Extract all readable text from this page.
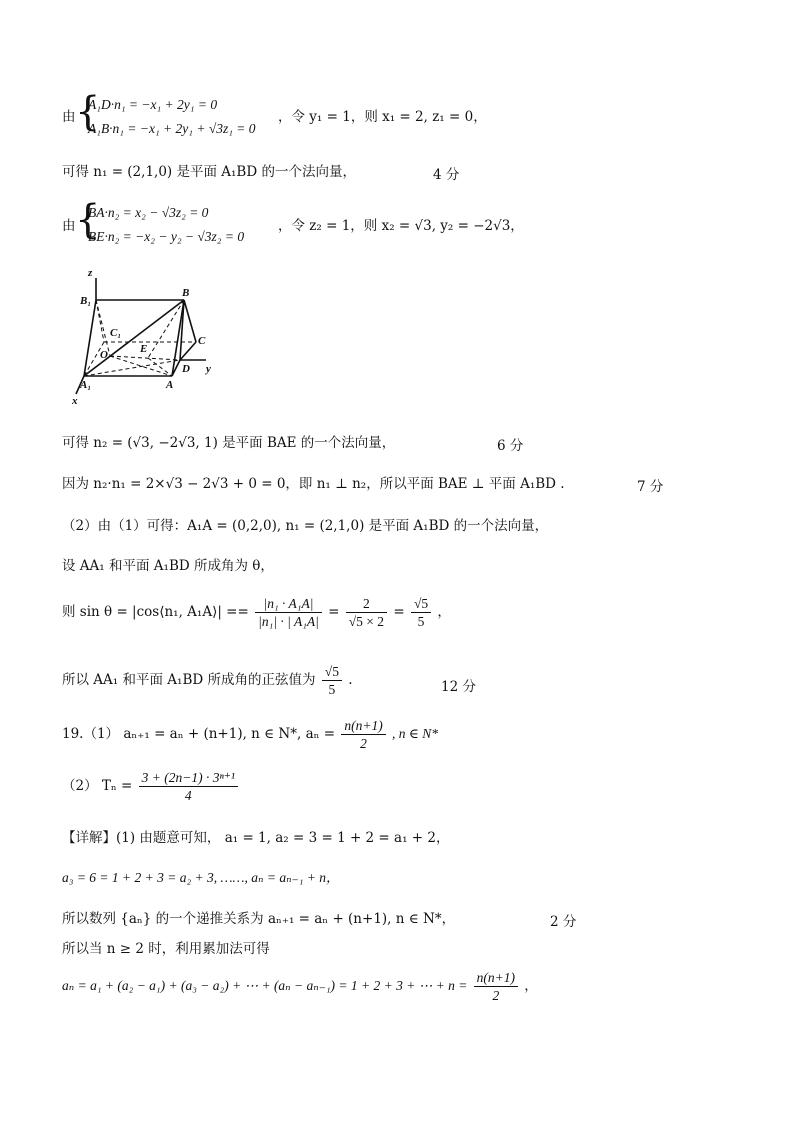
由 {
A₁D·n₁ = −x₁ + 2y₁ = 0
A₁B·n₁ = −x₁ + 2y₁ + √3z₁ = 0
，令 y₁ = 1，则 x₁ = 2, z₁ = 0，
可得 n₁ = (2,1,0) 是平面 A₁BD 的一个法向量，	4 分
由 {
BA·n₂ = x₂ − √3z₂ = 0
BE·n₂ = −x₂ − y₂ − √3z₂ = 0
，令 z₂ = 1，则 x₂ = √3, y₂ = −2√3，
z
B₁
B
C₁
C
O	E
D y
A₁	A
x
可得 n₂ = (√3, −2√3, 1) 是平面 BAE 的一个法向量，	6 分
因为 n₂·n₁ = 2×√3 − 2√3 + 0 = 0，即 n₁ ⊥ n₂，所以平面 BAE ⊥ 平面 A₁BD .	7 分
（2）由（1）可得：A₁A = (0,2,0), n₁ = (2,1,0) 是平面 A₁BD 的一个法向量，
设 AA₁ 和平面 A₁BD 所成角为 θ，
则 sin θ = |cos⟨n₁, A₁A⟩| == $\frac{\text{|n₁ · A₁A|}}{\text{|n₁| · | A₁A|}} = \frac{2}{√5 \times 2} = \frac{√5}{5}$ ，
所以 AA₁ 和平面 A₁BD 所成角的正弦值为 $\frac{√5}{5}$ .	12 分
19.（1） aₙ₊₁ = aₙ + (n+1), n ∈ N*, $a_n = \frac{n(n+1)}{2}$ , n ∈ N*
（2） $T_n = \frac{\text{3 + (2n−1) · 3ⁿ⁺¹}}{4}$
【详解】(1) 由题意可知， a₁ = 1, a₂ = 3 = 1 + 2 = a₁ + 2，
a₃ = 6 = 1 + 2 + 3 = a₂ + 3, ……, aₙ = aₙ₋₁ + n，
所以数列 {aₙ} 的一个递推关系为 aₙ₊₁ = aₙ + (n+1), n ∈ N*，	2 分
所以当 n ≥ 2 时，利用累加法可得
aₙ = a₁ + (a₂ − a₁) + (a₃ − a₂) + ⋯ + (aₙ − aₙ₋₁) = 1 + 2 + 3 + ⋯ + $n = \frac{n(n+1)}{2}$ ，
